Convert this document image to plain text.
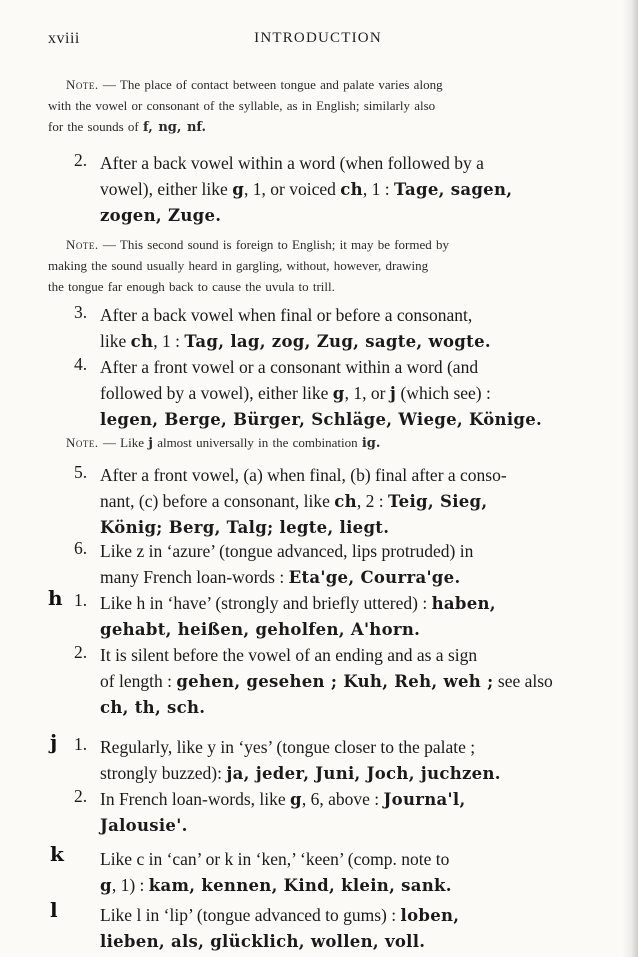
xviii	INTRODUCTION
Note. — The place of contact between tongue and palate varies along
with the vowel or consonant of the syllable, as in English; similarly also
for the sounds of f, ng, nf.
2. After a back vowel within a word (when followed by a
vowel), either like g, 1, or voiced ch, 1 : Tage, sagen,
zogen, Zuge.
Note. — This second sound is foreign to English; it may be formed by
making the sound usually heard in gargling, without, however, drawing
the tongue far enough back to cause the uvula to trill.
3. After a back vowel when final or before a consonant,
like ch, 1 : Tag, lag, zog, Zug, sagte, wogte.
4. After a front vowel or a consonant within a word (and
followed by a vowel), either like g, 1, or j (which see) :
legen, Berge, Bürger, Schläge, Wiege, Könige.
Note. — Like j almost universally in the combination ig.
5. After a front vowel, (a) when final, (b) final after a conso-
nant, (c) before a consonant, like ch, 2 : Teig, Sieg,
König; Berg, Talg; legte, liegt.
6. Like z in ‘azure’ (tongue advanced, lips protruded) in
many French loan-words : Eta'ge, Courra'ge.
h 1. Like h in ‘have’ (strongly and briefly uttered) : haben,
gehabt, heißen, geholfen, A'horn.
2. It is silent before the vowel of an ending and as a sign
of length : gehen, gesehen ; Kuh, Reh, weh ; see also
ch, th, sch.
j 1. Regularly, like y in ‘yes’ (tongue closer to the palate ;
strongly buzzed): ja, jeder, Juni, Joch, juchzen.
2. In French loan-words, like g, 6, above : Journa'l,
Jalousie'.
k Like c in ‘can’ or k in ‘ken,’ ‘keen’ (comp. note to
g, 1) : kam, kennen, Kind, klein, sank.
l Like l in ‘lip’ (tongue advanced to gums) : loben,
lieben, als, glücklich, wollen, voll.
